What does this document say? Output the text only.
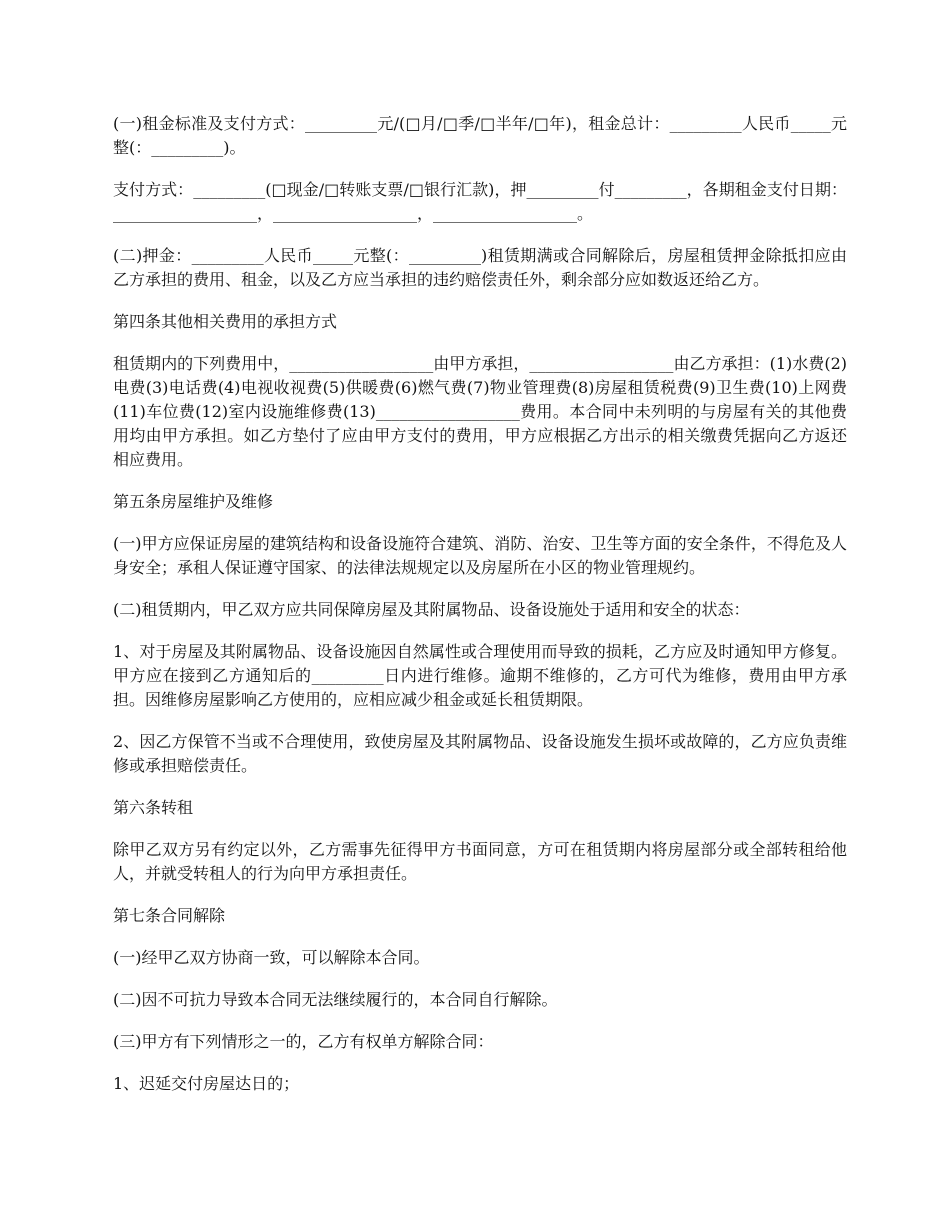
(一)租金标准及支付方式：_________元/(□月/□季/□半年/□年)，租金总计：_________人民币_____元整(：_________)。

支付方式：_________(□现金/□转账支票/□银行汇款)，押_________付_________，各期租金支付日期：__________________，__________________，__________________。

(二)押金：_________人民币_____元整(：_________)租赁期满或合同解除后，房屋租赁押金除抵扣应由乙方承担的费用、租金，以及乙方应当承担的违约赔偿责任外，剩余部分应如数返还给乙方。

第四条其他相关费用的承担方式

租赁期内的下列费用中，__________________由甲方承担，__________________由乙方承担：(1)水费(2)电费(3)电话费(4)电视收视费(5)供暖费(6)燃气费(7)物业管理费(8)房屋租赁税费(9)卫生费(10)上网费(11)车位费(12)室内设施维修费(13)__________________费用。本合同中未列明的与房屋有关的其他费用均由甲方承担。如乙方垫付了应由甲方支付的费用，甲方应根据乙方出示的相关缴费凭据向乙方返还相应费用。

第五条房屋维护及维修

(一)甲方应保证房屋的建筑结构和设备设施符合建筑、消防、治安、卫生等方面的安全条件，不得危及人身安全；承租人保证遵守国家、的法律法规规定以及房屋所在小区的物业管理规约。

(二)租赁期内，甲乙双方应共同保障房屋及其附属物品、设备设施处于适用和安全的状态：

1、对于房屋及其附属物品、设备设施因自然属性或合理使用而导致的损耗，乙方应及时通知甲方修复。甲方应在接到乙方通知后的_________日内进行维修。逾期不维修的，乙方可代为维修，费用由甲方承担。因维修房屋影响乙方使用的，应相应减少租金或延长租赁期限。

2、因乙方保管不当或不合理使用，致使房屋及其附属物品、设备设施发生损坏或故障的，乙方应负责维修或承担赔偿责任。

第六条转租

除甲乙双方另有约定以外，乙方需事先征得甲方书面同意，方可在租赁期内将房屋部分或全部转租给他人，并就受转租人的行为向甲方承担责任。

第七条合同解除

(一)经甲乙双方协商一致，可以解除本合同。

(二)因不可抗力导致本合同无法继续履行的，本合同自行解除。

(三)甲方有下列情形之一的，乙方有权单方解除合同：

1、迟延交付房屋达日的；
